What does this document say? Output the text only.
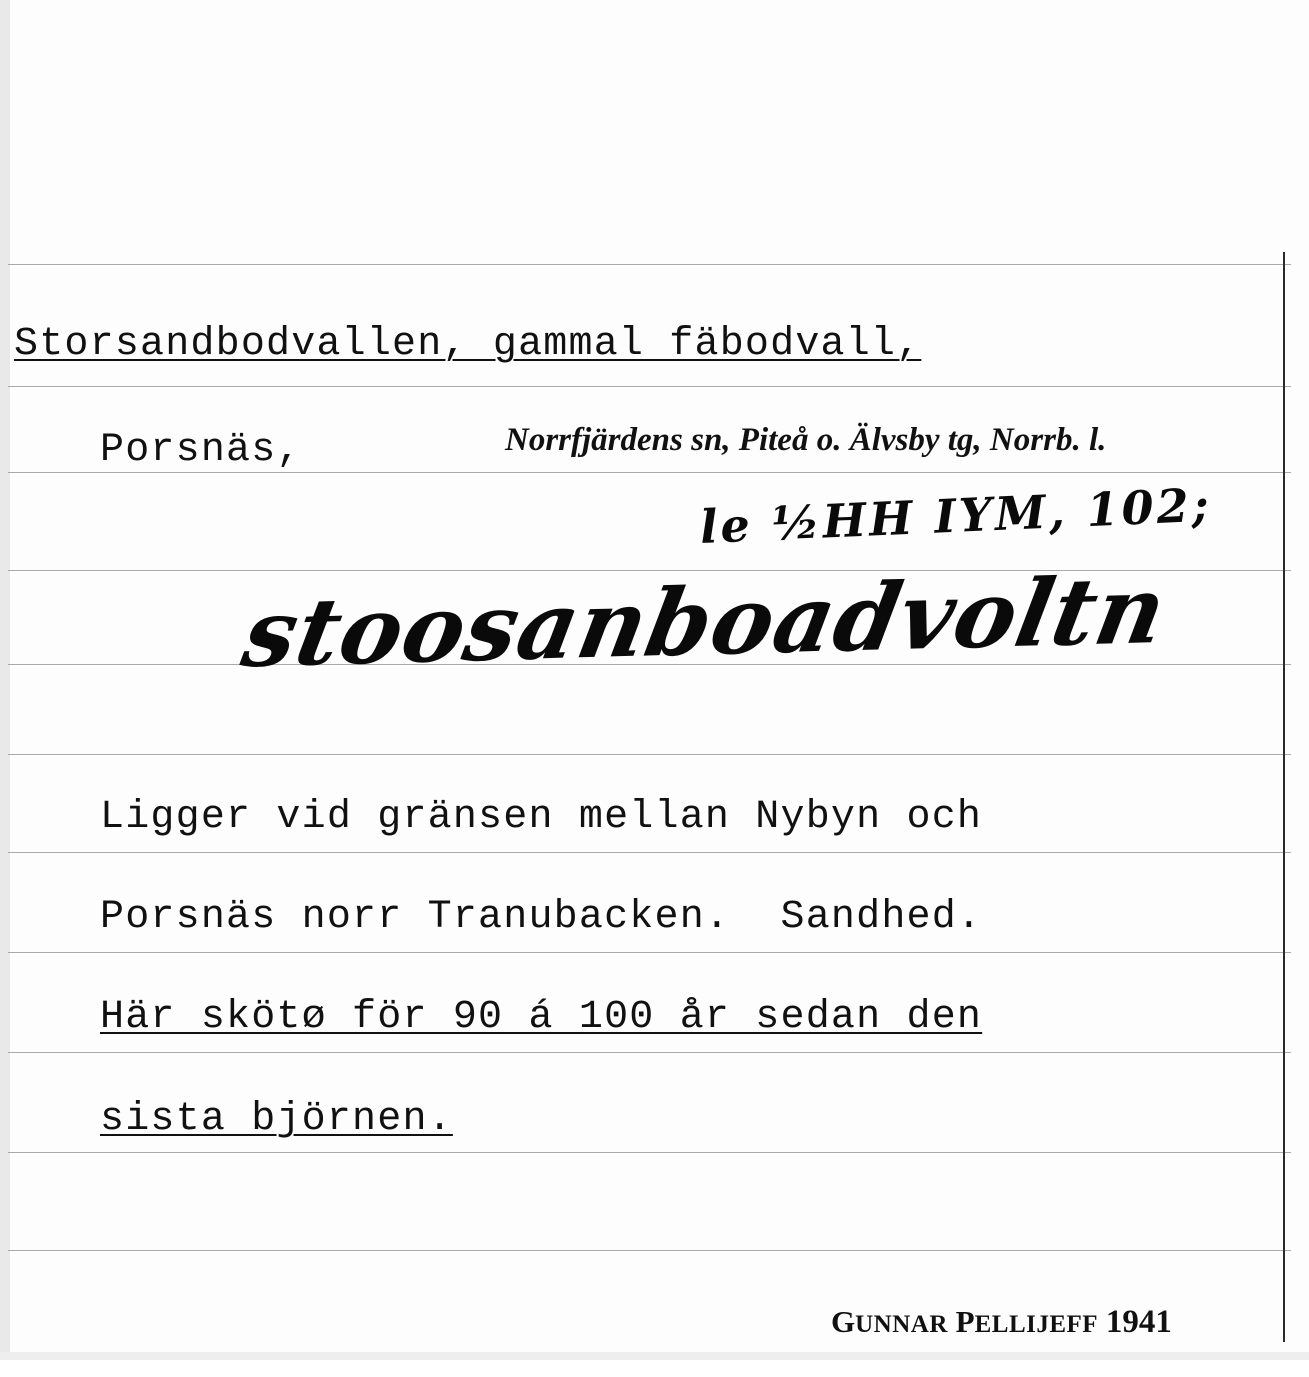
Storsandbodvallen, gammal fäbodvall,
Porsnäs,	Norrfjärdens sn, Piteå o. Älvsby tg, Norrb. l.
le ½HH IYM, 102;
stoosanboadvoltn
Ligger vid gränsen mellan Nybyn och
Porsnäs norr Tranubacken.  Sandhed.
Här skötø för 90 á 100 år sedan den
sista björnen.

GUNNAR PELLIJEFF 1941
